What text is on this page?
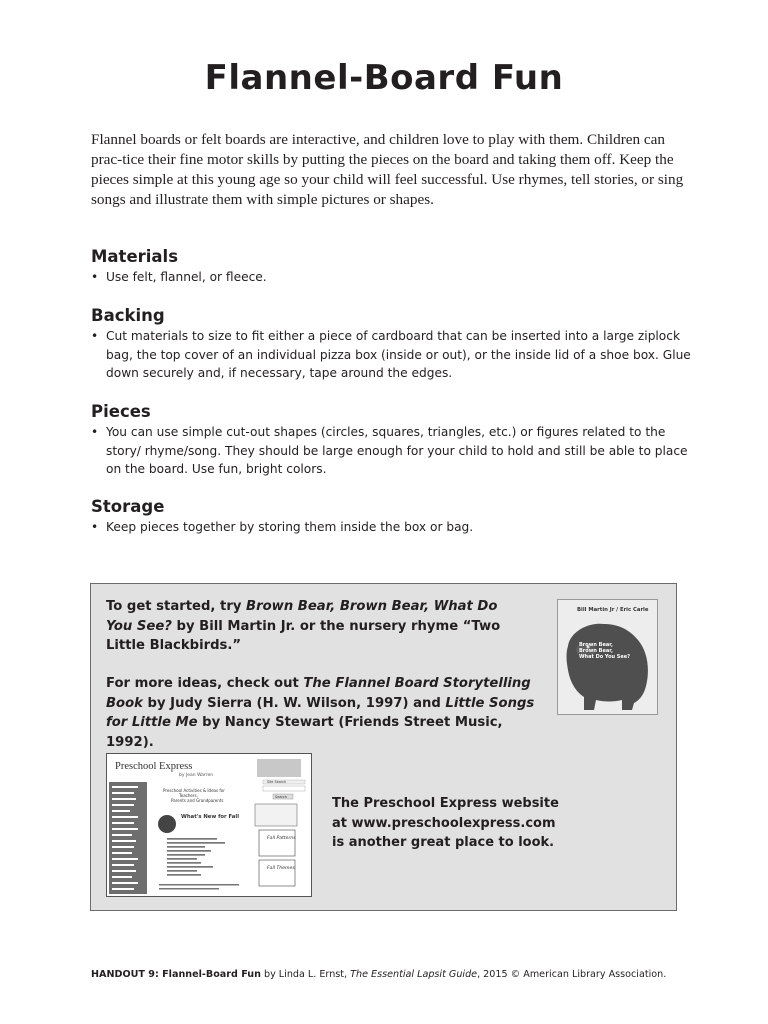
Flannel-Board Fun

Flannel boards or felt boards are interactive, and children love to play with them. Children can prac-tice their fine motor skills by putting the pieces on the board and taking them off. Keep the pieces simple at this young age so your child will feel successful. Use rhymes, tell stories, or sing songs and illustrate them with simple pictures or shapes.

Materials
• Use felt, flannel, or fleece.
Backing
• Cut materials to size to fit either a piece of cardboard that can be inserted into a large ziplock bag, the top cover of an individual pizza box (inside or out), or the inside lid of a shoe box. Glue down securely and, if necessary, tape around the edges.
Pieces
• You can use simple cut-out shapes (circles, squares, triangles, etc.) or figures related to the story/ rhyme/song. They should be large enough for your child to hold and still be able to place on the board. Use fun, bright colors.
Storage
• Keep pieces together by storing them inside the box or bag.

To get started, try Brown Bear, Brown Bear, What Do You See? by Bill Martin Jr. or the nursery rhyme “Two Little Blackbirds.”

For more ideas, check out The Flannel Board Storytelling Book by Judy Sierra (H. W. Wilson, 1997) and Little Songs for Little Me by Nancy Stewart (Friends Street Music, 1992).

Bill Martin Jr / Eric Carle
Brown Bear, Brown Bear, What Do You See?
Preschool Express
by Jean Warren
Site Search
Search
Preschool Activities & Ideas for Teachers, Parents and Grandparents
What's New for Fall
Fall Patterns
Fall Themes

The Preschool Express website at www.preschoolexpress.com is another great place to look.

HANDOUT 9: Flannel-Board Fun by Linda L. Ernst, The Essential Lapsit Guide, 2015 © American Library Association.
